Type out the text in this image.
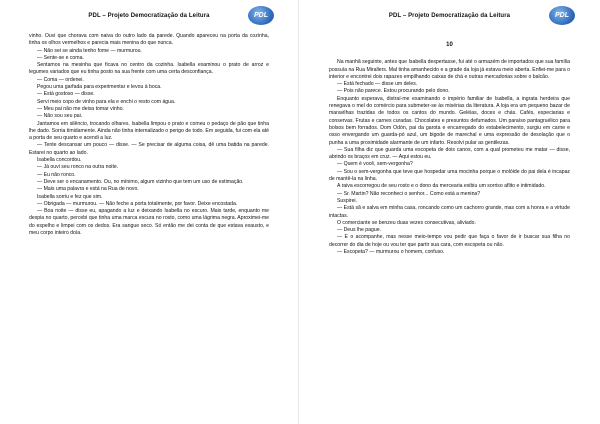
PDL – Projeto Democratização da Leitura	PDL

vinho. Ouvi que chorava com naiva do outro lado da parede. Quando apareceu na porta da cozinha, tinha os olhos vermelhos e parecia mais menina do que nunca.

— Não sei se ainda tenho fome — murmurou.

— Sente-se e coma.

Sentamos na mesinha que ficava no centro da cozinha. Isabella examinou o prato de arroz e legumes variados que eu tinha posto na sua frente com uma certa desconfiança.

— Coma — ordenei.

Pegou uma garfada para experimentar e levou à boca.

— Está gostoso — disse.

Servi meio copo de vinho para ela e enchi o resto com água.

— Meu pai não me deixa tomar vinho.

— Não sou seu pai.

Jantamos em silêncio, trocando olhares. Isabella limpou o prato e comeu o pedaço de pão que tinha lhe dado. Sorria timidamente. Ainda não tinha internalizado o perigo de todo. Em seguida, fui com ela até a porta de seu quarto e acendi a luz.

— Tente descansar um pouco — disse. — Se precisar de alguma coisa, dê uma batida na parede. Estarei no quarto ao lado.

Isabella concordou.

— Já ouvi seu ronco na outra noite.

— Eu não ronco.

— Deve ser o encanamento. Ou, no mínimo, algum vizinho que tem um uso de estimação.

— Mais uma palavra e está na Rua de novo.

Isabella sorriu e fez que sim.

— Obrigada — murmurou. — Não feche a porta totalmente, por favor. Deixe encostada.

— Boa noite — disse eu, apagando a luz e deixando Isabella no escuro. Mais tarde, enquanto me despia no quarto, percebi que tinha uma marca escura no rosto, como uma lágrima negra. Aproximei-me do espelho e limpei com os dedos. Era sangue seco. Só então me dei conta de que estava exausto, e meu corpo inteiro doía.

PDL – Projeto Democratização da Leitura	PDL
10

Na manhã seguinte, antes que Isabella despertasse, fui até o armazém de importados que sua família possuía na Rua Mirallers. Mal tinha amanhecido e a grade da loja já estava meio aberta. Enfiei-me para o interior e encontrei dois rapazes empilhando caixas de chá e outras mercadorias sobre o balcão.

— Está fechado — disse um deles.

— Pois não parece. Estou procurando pelo dono.

Enquanto esperava, distraí-me examinando o império familiar de Isabella, a ingrata herdeira que renegava o mel do comércio para submeter-se às misérias da literatura. A loja era um pequeno bazar de maravilhas trazidas de todos os cantos do mundo. Geléias, doces e chás. Cafés, especiarias e conservas. Frutas e carnes curadas. Chocolates e presuntos defumados. Um paraíso pantagruélico para bolsos bem forrados. Dom Odón, pai da garota e encarregado do estabelecimento, surgiu em carne e osso envergando um guarda-pó azul, um bigode de marechal e uma expressão de desolação que o punha a uma proximidade alarmante de um infarto. Resolvi pular as gentilezas.

— Sua filha diz que guarda uma escopeta de dois canos, com a qual prometeu me matar — disse, abrindo os braços em cruz. — Aqui estou eu.

— Quem é você, sem-vergonha?

— Sou o sem-vergonha que teve que hospedar uma mocinha porque o molóide do pai dela é incapaz de mantê-la na linha.

A raiva escorregou de seu rosto e o dono da mercearia exibiu um sorriso aflito e intimidado.

— Sr. Martin? Não reconheci o senhor... Como está a menina?

Suspirei.

— Está sã e salva em minha casa, roncando como um cachorro grande, mas com a honra e a virtude intactas.

O comerciante se benzeu duas vezes consecutivas, aliviado.

— Deus lhe pague.

— E o acompanhe, mas nesse meio-tempo vou pedir que faça o favor de ir buscar sua filha no decorrer do dia de hoje ou vou ter que partir sua cara, com escopeta ou não.

— Escopeta? — murmurou o homem, confuso.
